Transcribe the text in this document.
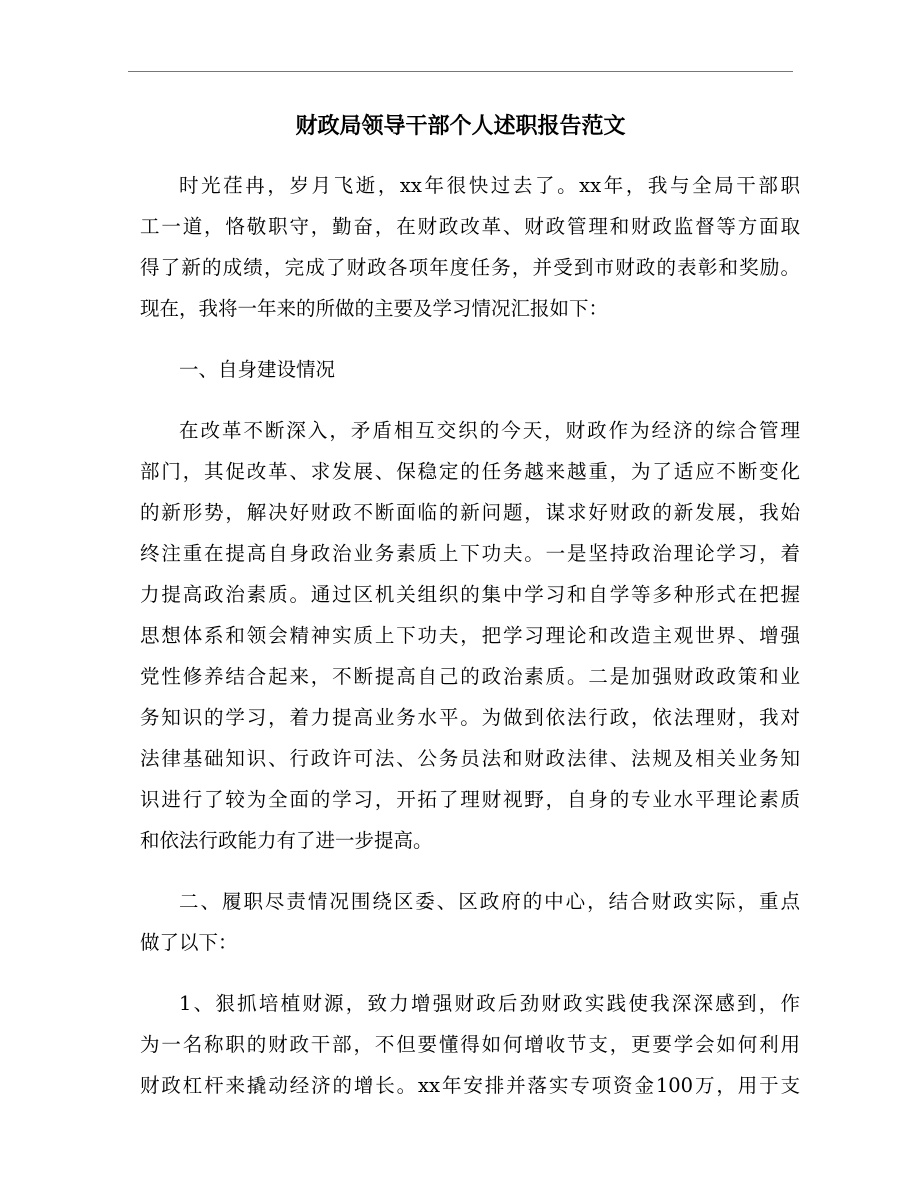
财政局领导干部个人述职报告范文
时光荏冉，岁月飞逝，xx年很快过去了。xx年，我与全局干部职
工一道，恪敬职守，勤奋，在财政改革、财政管理和财政监督等方面取
得了新的成绩，完成了财政各项年度任务，并受到市财政的表彰和奖励。
现在，我将一年来的所做的主要及学习情况汇报如下：
一、自身建设情况
在改革不断深入，矛盾相互交织的今天，财政作为经济的综合管理
部门，其促改革、求发展、保稳定的任务越来越重，为了适应不断变化
的新形势，解决好财政不断面临的新问题，谋求好财政的新发展，我始
终注重在提高自身政治业务素质上下功夫。一是坚持政治理论学习，着
力提高政治素质。通过区机关组织的集中学习和自学等多种形式在把握
思想体系和领会精神实质上下功夫，把学习理论和改造主观世界、增强
党性修养结合起来，不断提高自己的政治素质。二是加强财政政策和业
务知识的学习，着力提高业务水平。为做到依法行政，依法理财，我对
法律基础知识、行政许可法、公务员法和财政法律、法规及相关业务知
识进行了较为全面的学习，开拓了理财视野，自身的专业水平理论素质
和依法行政能力有了进一步提高。
二、履职尽责情况围绕区委、区政府的中心，结合财政实际，重点
做了以下：
1、狠抓培植财源，致力增强财政后劲财政实践使我深深感到，作
为一名称职的财政干部，不但要懂得如何增收节支，更要学会如何利用
财政杠杆来撬动经济的增长。xx年安排并落实专项资金100万，用于支
